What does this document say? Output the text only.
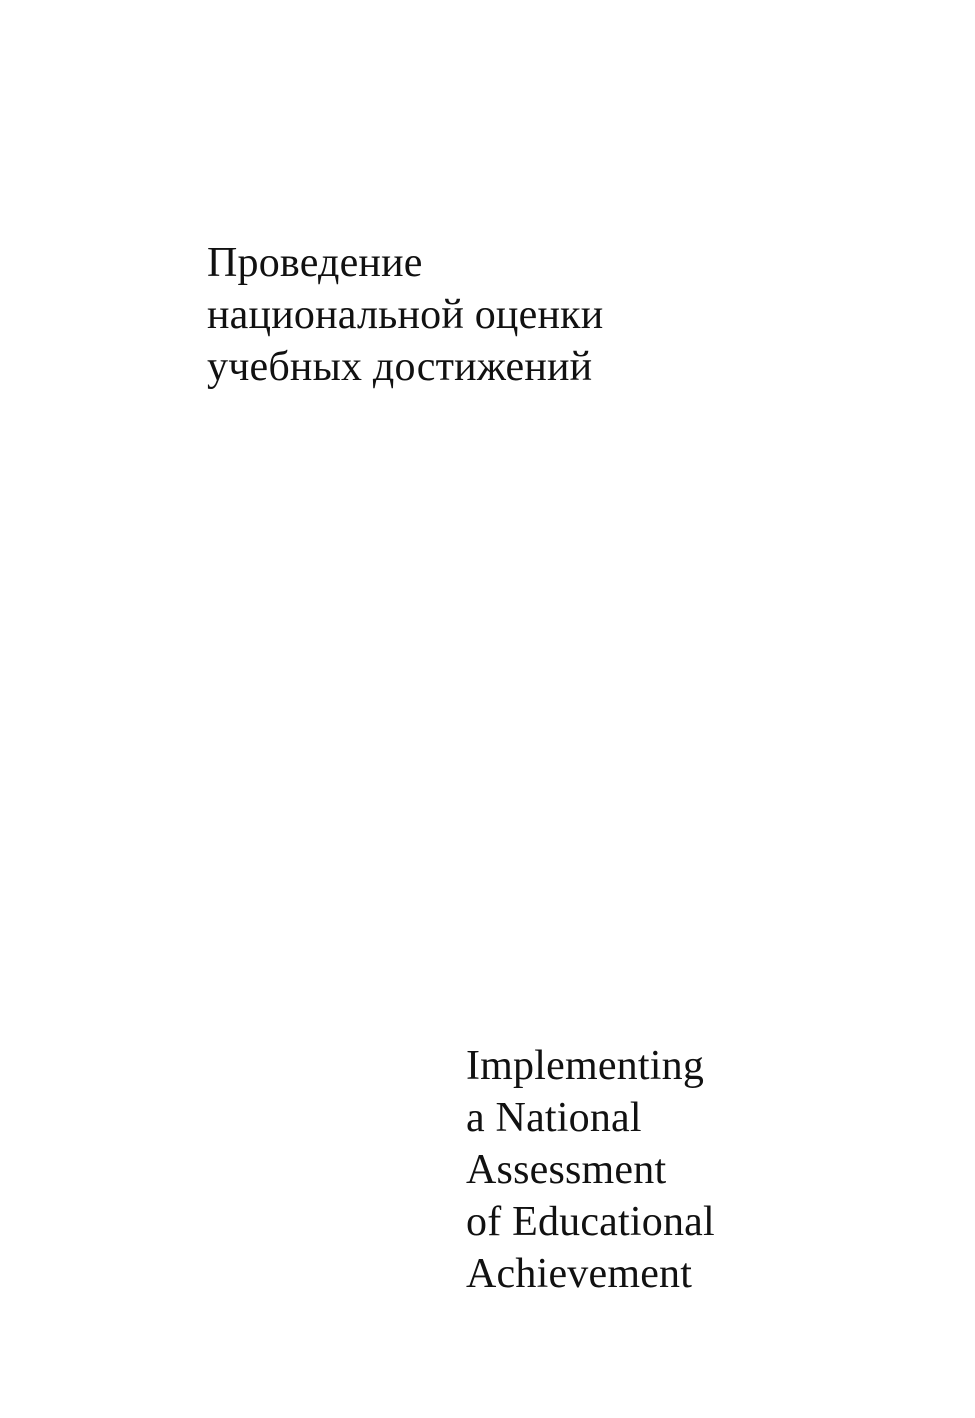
Проведение
национальной оценки
учебных достижений
Implementing
a National
Assessment
of Educational
Achievement
